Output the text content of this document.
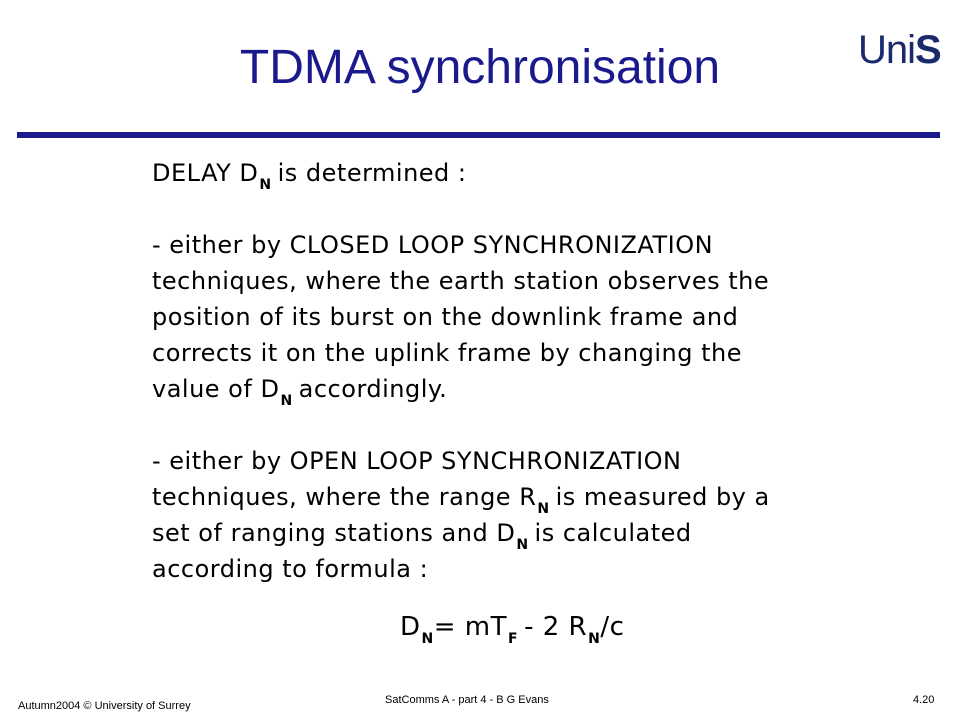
TDMA synchronisation	UniS
DELAY $D_N$ is determined :
- either by CLOSED LOOP SYNCHRONIZATION
techniques, where the earth station observes the
position of its burst on the downlink frame and
corrects it on the uplink frame by changing the
value of $D_N$ accordingly.
- either by OPEN LOOP SYNCHRONIZATION
techniques, where the range $R_N$ is measured by a
set of ranging stations and $D_N$ is calculated
according to formula :
$D_N= mT_F - 2$ $R_N/c$
Autumn2004 © University of Surrey	SatComms A - part 4 - B G Evans	4.20
